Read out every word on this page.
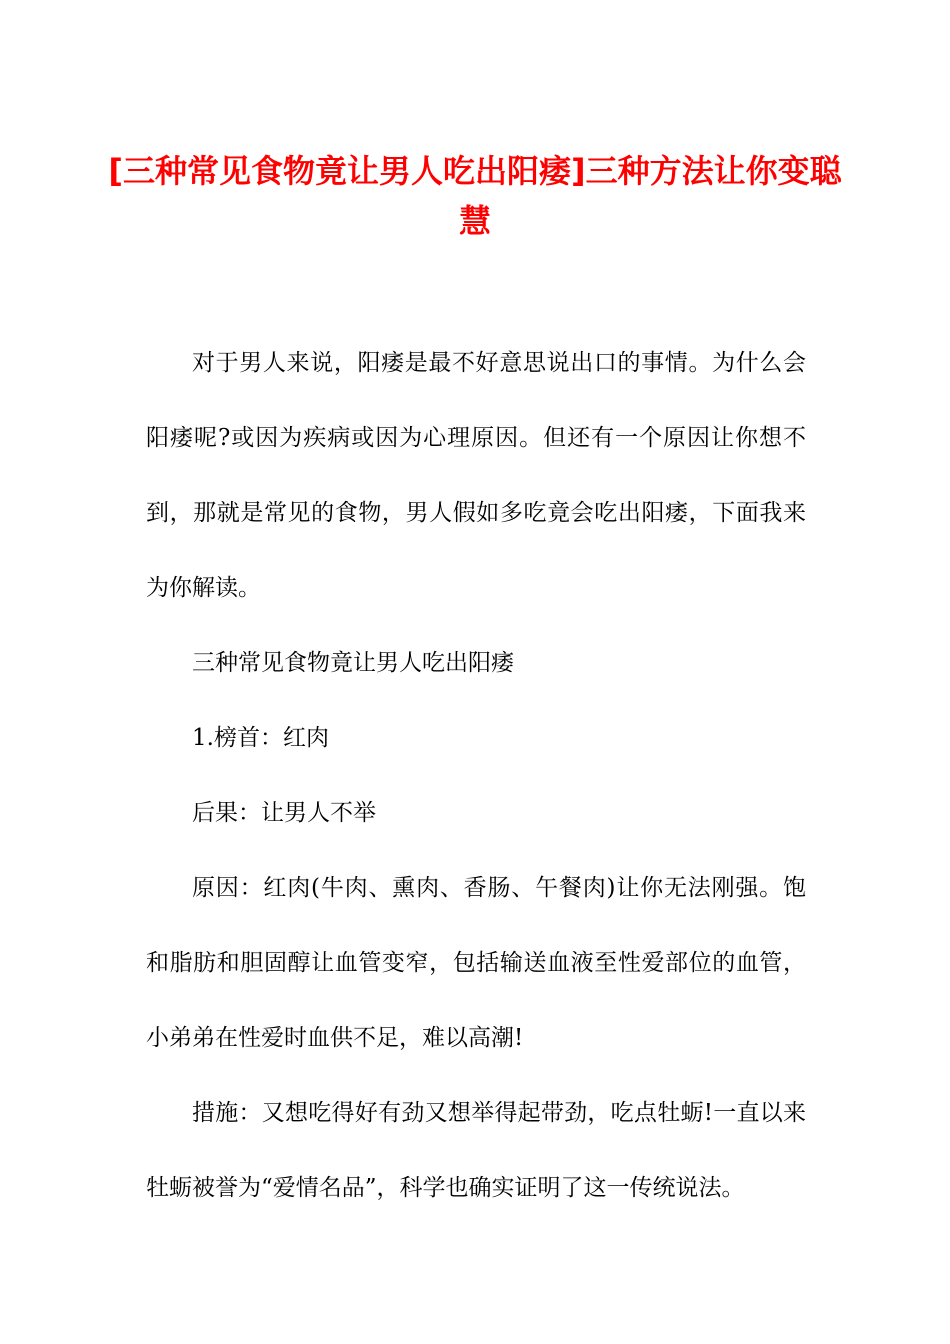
[三种常见食物竟让男人吃出阳痿]三种方法让你变聪慧

对于男人来说，阳痿是最不好意思说出口的事情。为什么会阳痿呢?或因为疾病或因为心理原因。但还有一个原因让你想不到，那就是常见的食物，男人假如多吃竟会吃出阳痿，下面我来为你解读。

三种常见食物竟让男人吃出阳痿

1.榜首：红肉

后果：让男人不举

原因：红肉(牛肉、熏肉、香肠、午餐肉)让你无法刚强。饱和脂肪和胆固醇让血管变窄，包括输送血液至性爱部位的血管，小弟弟在性爱时血供不足，难以高潮!

措施：又想吃得好有劲又想举得起带劲，吃点牡蛎!一直以来牡蛎被誉为“爱情名品”，科学也确实证明了这一传统说法。
